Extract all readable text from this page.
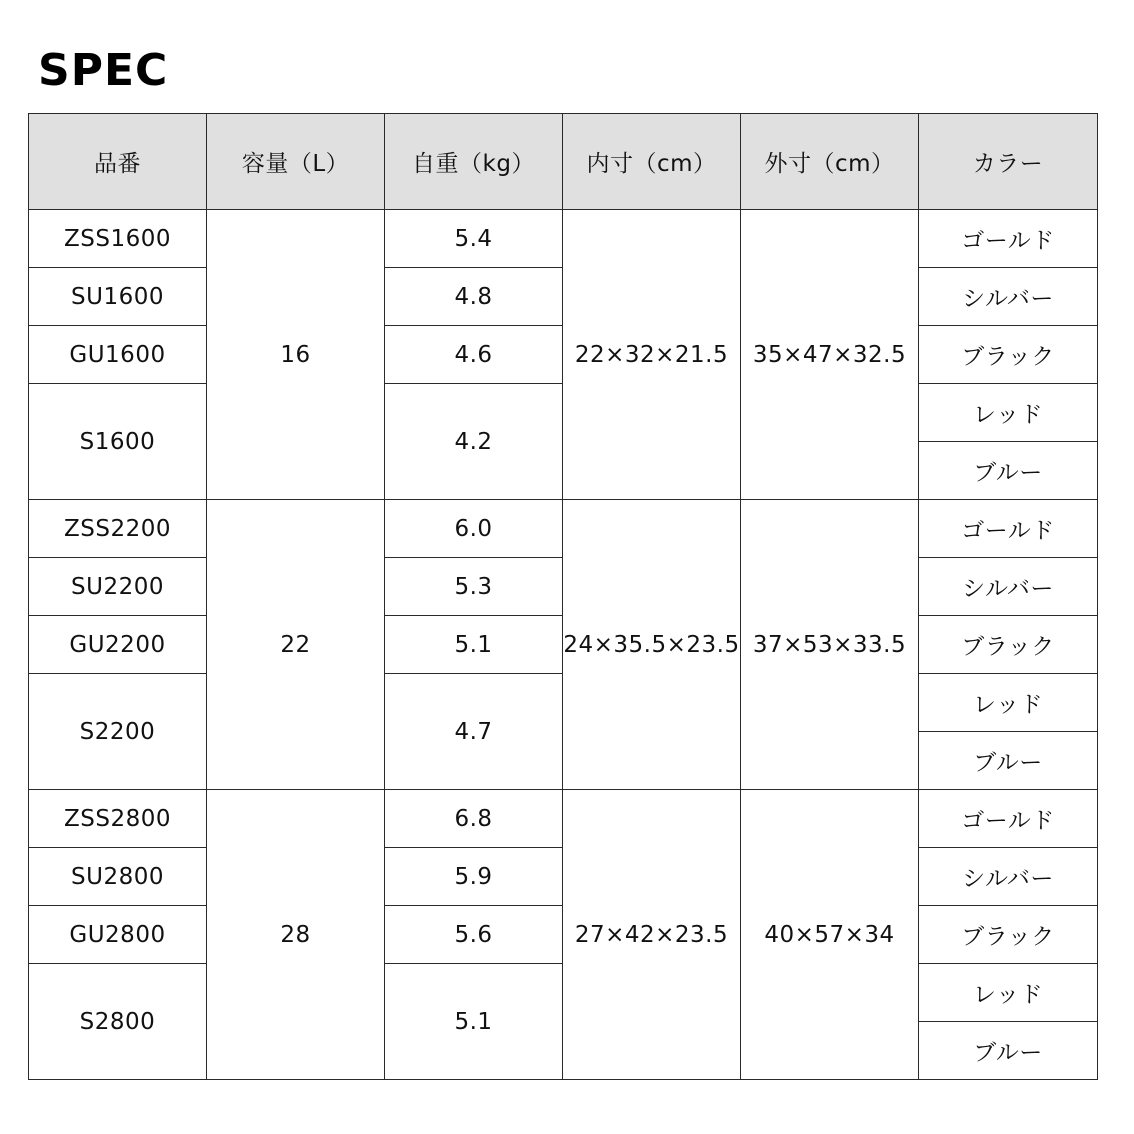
SPEC
品番	容量（L）	自重（kg）	内寸（cm）	外寸（cm）	カラー
ZSS1600	16	5.4	22×32×21.5	35×47×32.5	ゴールド
SU1600		4.8			シルバー
GU1600		4.6			ブラック
S1600		4.2			レッド
					ブルー
ZSS2200	22	6.0	24×35.5×23.5	37×53×33.5	ゴールド
SU2200		5.3			シルバー
GU2200		5.1			ブラック
S2200		4.7			レッド
					ブルー
ZSS2800	28	6.8	27×42×23.5	40×57×34	ゴールド
SU2800		5.9			シルバー
GU2800		5.6			ブラック
S2800		5.1			レッド
					ブルー
